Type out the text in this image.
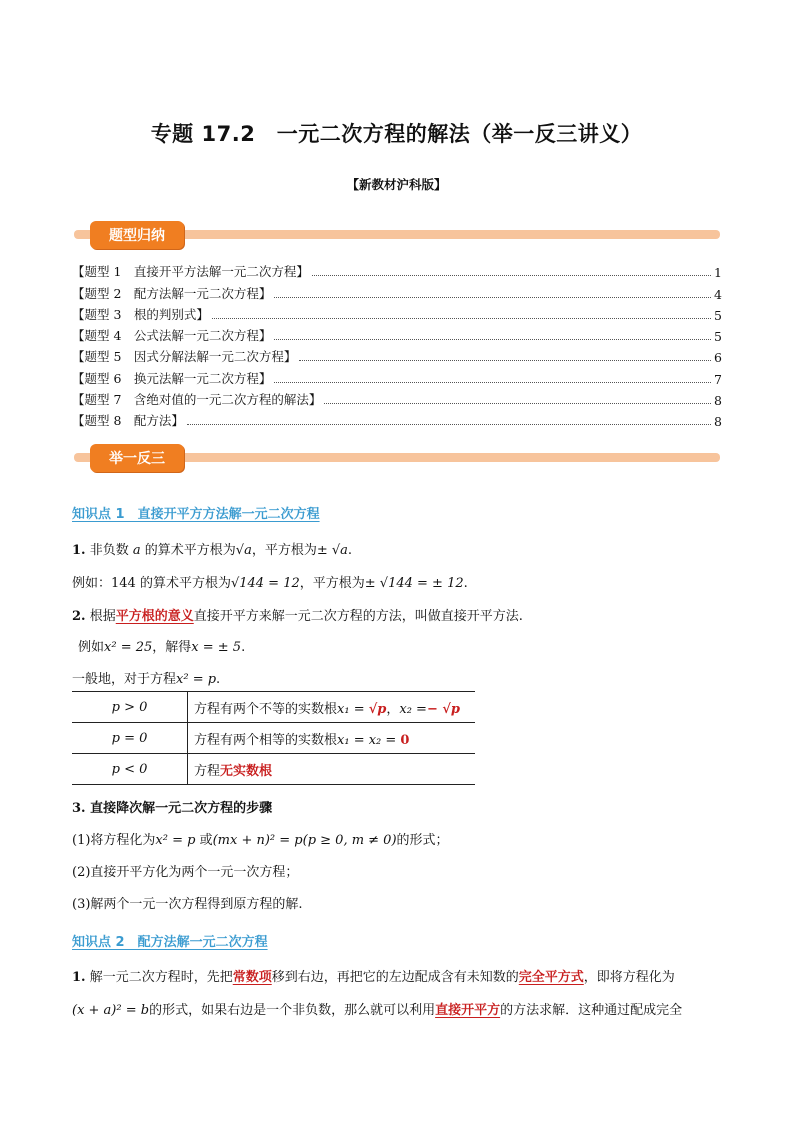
专题 17.2　一元二次方程的解法（举一反三讲义）
【新教材沪科版】
题型归纳
【题型 1　直接开平方法解一元二次方程】	1
【题型 2　配方法解一元二次方程】	4
【题型 3　根的判别式】	5
【题型 4　公式法解一元二次方程】	5
【题型 5　因式分解法解一元二次方程】	6
【题型 6　换元法解一元二次方程】	7
【题型 7　含绝对值的一元二次方程的解法】	8
【题型 8　配方法】	8
举一反三
知识点 1　直接开平方方法解一元二次方程
1. 非负数 a 的算术平方根为√a，平方根为± √a.
例如：144 的算术平方根为√144 = 12，平方根为± √144 = ± 12.
2. 根据平方根的意义直接开平方来解一元二次方程的方法，叫做直接开平方法.
例如x² = 25，解得x = ± 5.
一般地，对于方程x² = p.
p > 0	方程有两个不等的实数根x₁ = √p，x₂ =− √p
p = 0	方程有两个相等的实数根x₁ = x₂ = 0
p < 0	方程无实数根
3. 直接降次解一元二次方程的步骤
(1)将方程化为x² = p 或(mx + n)² = p(p ≥ 0, m ≠ 0)的形式；
(2)直接开平方化为两个一元一次方程；
(3)解两个一元一次方程得到原方程的解.
知识点 2　配方法解一元二次方程
1. 解一元二次方程时，先把常数项移到右边，再把它的左边配成含有未知数的完全平方式，即将方程化为
(x + a)² = b的形式，如果右边是一个非负数，那么就可以利用直接开平方的方法求解．这种通过配成完全
